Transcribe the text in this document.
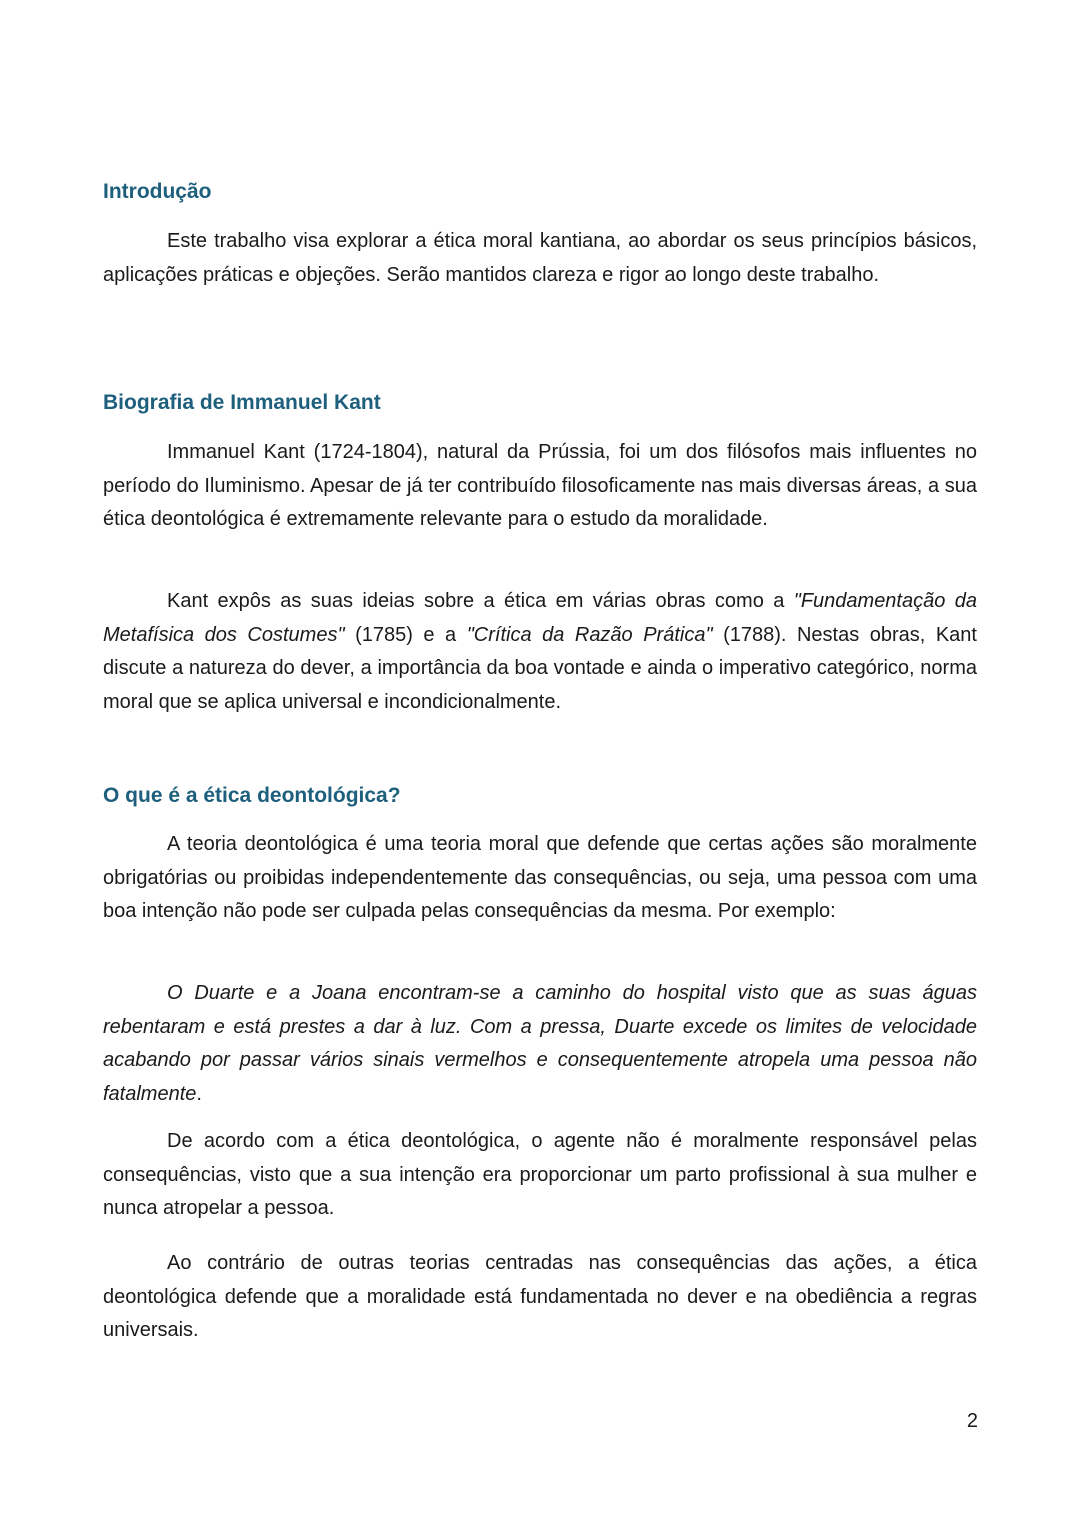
Introdução

Este trabalho visa explorar a ética moral kantiana, ao abordar os seus princípios básicos, aplicações práticas e objeções. Serão mantidos clareza e rigor ao longo deste trabalho.

Biografia de Immanuel Kant

Immanuel Kant (1724-1804), natural da Prússia, foi um dos filósofos mais influentes no período do Iluminismo. Apesar de já ter contribuído filosoficamente nas mais diversas áreas, a sua ética deontológica é extremamente relevante para o estudo da moralidade.

Kant expôs as suas ideias sobre a ética em várias obras como a "Fundamentação da Metafísica dos Costumes" (1785) e a "Crítica da Razão Prática" (1788). Nestas obras, Kant discute a natureza do dever, a importância da boa vontade e ainda o imperativo categórico, norma moral que se aplica universal e incondicionalmente.

O que é a ética deontológica?

A teoria deontológica é uma teoria moral que defende que certas ações são moralmente obrigatórias ou proibidas independentemente das consequências, ou seja, uma pessoa com uma boa intenção não pode ser culpada pelas consequências da mesma. Por exemplo:

O Duarte e a Joana encontram-se a caminho do hospital visto que as suas águas rebentaram e está prestes a dar à luz. Com a pressa, Duarte excede os limites de velocidade acabando por passar vários sinais vermelhos e consequentemente atropela uma pessoa não fatalmente.

De acordo com a ética deontológica, o agente não é moralmente responsável pelas consequências, visto que a sua intenção era proporcionar um parto profissional à sua mulher e nunca atropelar a pessoa.

Ao contrário de outras teorias centradas nas consequências das ações, a ética deontológica defende que a moralidade está fundamentada no dever e na obediência a regras universais.

2
